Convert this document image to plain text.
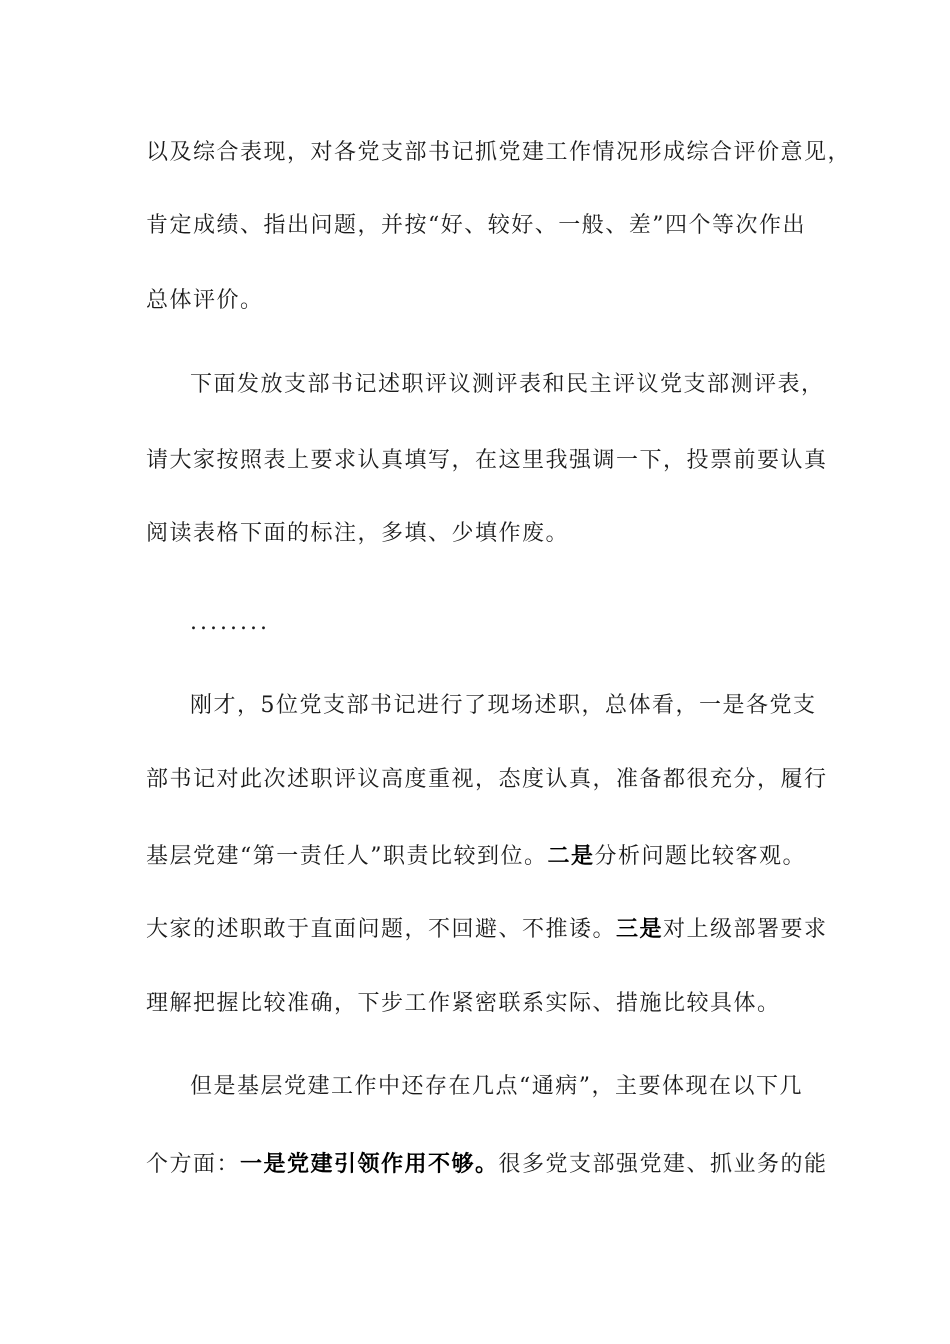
以及综合表现，对各党支部书记抓党建工作情况形成综合评价意见，
肯定成绩、指出问题，并按“好、较好、一般、差”四个等次作出
总体评价。
下面发放支部书记述职评议测评表和民主评议党支部测评表，
请大家按照表上要求认真填写，在这里我强调一下，投票前要认真
阅读表格下面的标注，多填、少填作废。
........
刚才，5位党支部书记进行了现场述职，总体看，一是各党支
部书记对此次述职评议高度重视，态度认真，准备都很充分，履行
基层党建“第一责任人”职责比较到位。二是分析问题比较客观。
大家的述职敢于直面问题，不回避、不推诿。三是对上级部署要求
理解把握比较准确，下步工作紧密联系实际、措施比较具体。
但是基层党建工作中还存在几点“通病”，主要体现在以下几
个方面：一是党建引领作用不够。很多党支部强党建、抓业务的能
